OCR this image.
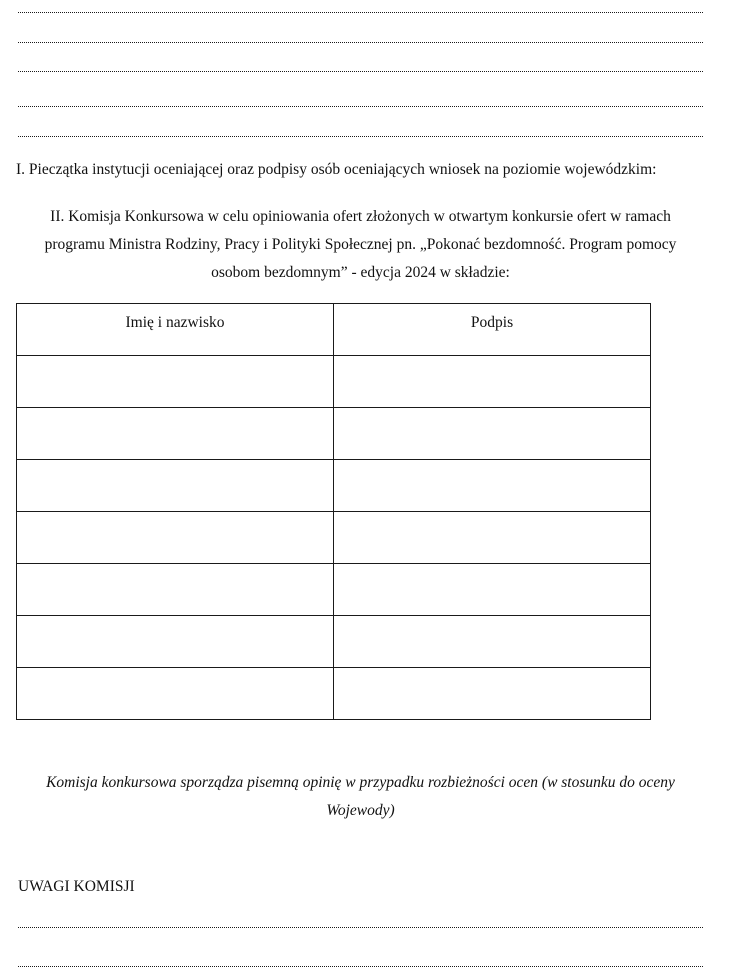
I. Pieczątka instytucji oceniającej oraz podpisy osób oceniających wniosek na poziomie wojewódzkim:
II. Komisja Konkursowa w celu opiniowania ofert złożonych w otwartym konkursie ofert w ramach
programu Ministra Rodziny, Pracy i Polityki Społecznej pn. „Pokonać bezdomność. Program pomocy
osobom bezdomnym” - edycja 2024 w składzie:
Imię i nazwisko	Podpis

Komisja konkursowa sporządza pisemną opinię w przypadku rozbieżności ocen (w stosunku do oceny
Wojewody)
UWAGI KOMISJI
